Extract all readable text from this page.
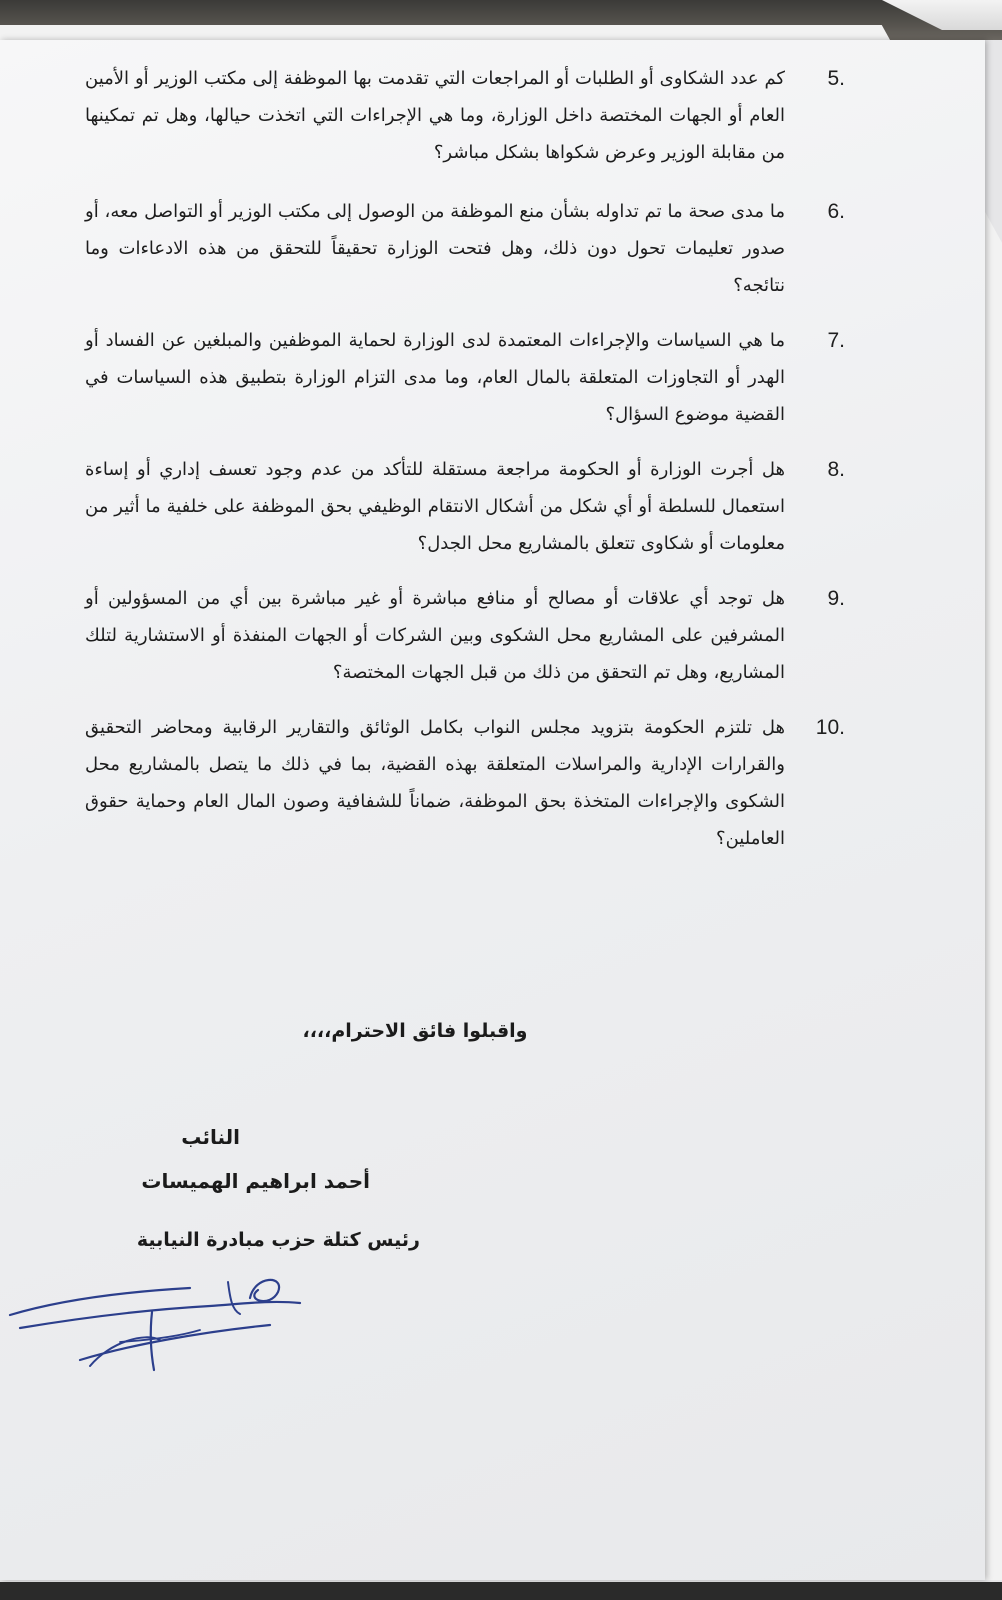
5.
كم عدد الشكاوى أو الطلبات أو المراجعات التي تقدمت بها الموظفة إلى مكتب الوزير أو الأمين العام أو الجهات المختصة داخل الوزارة، وما هي الإجراءات التي اتخذت حيالها، وهل تم تمكينها من مقابلة الوزير وعرض شكواها بشكل مباشر؟
6.
ما مدى صحة ما تم تداوله بشأن منع الموظفة من الوصول إلى مكتب الوزير أو التواصل معه، أو صدور تعليمات تحول دون ذلك، وهل فتحت الوزارة تحقيقاً للتحقق من هذه الادعاءات وما نتائجه؟
7.
ما هي السياسات والإجراءات المعتمدة لدى الوزارة لحماية الموظفين والمبلغين عن الفساد أو الهدر أو التجاوزات المتعلقة بالمال العام، وما مدى التزام الوزارة بتطبيق هذه السياسات في القضية موضوع السؤال؟
8.
هل أجرت الوزارة أو الحكومة مراجعة مستقلة للتأكد من عدم وجود تعسف إداري أو إساءة استعمال للسلطة أو أي شكل من أشكال الانتقام الوظيفي بحق الموظفة على خلفية ما أثير من معلومات أو شكاوى تتعلق بالمشاريع محل الجدل؟
9.
هل توجد أي علاقات أو مصالح أو منافع مباشرة أو غير مباشرة بين أي من المسؤولين أو المشرفين على المشاريع محل الشكوى وبين الشركات أو الجهات المنفذة أو الاستشارية لتلك المشاريع، وهل تم التحقق من ذلك من قبل الجهات المختصة؟
10.
هل تلتزم الحكومة بتزويد مجلس النواب بكامل الوثائق والتقارير الرقابية ومحاضر التحقيق والقرارات الإدارية والمراسلات المتعلقة بهذه القضية، بما في ذلك ما يتصل بالمشاريع محل الشكوى والإجراءات المتخذة بحق الموظفة، ضماناً للشفافية وصون المال العام وحماية حقوق العاملين؟
واقبلوا فائق الاحترام،،،،
النائب
أحمد ابراهيم الهميسات
رئيس كتلة حزب مبادرة النيابية
